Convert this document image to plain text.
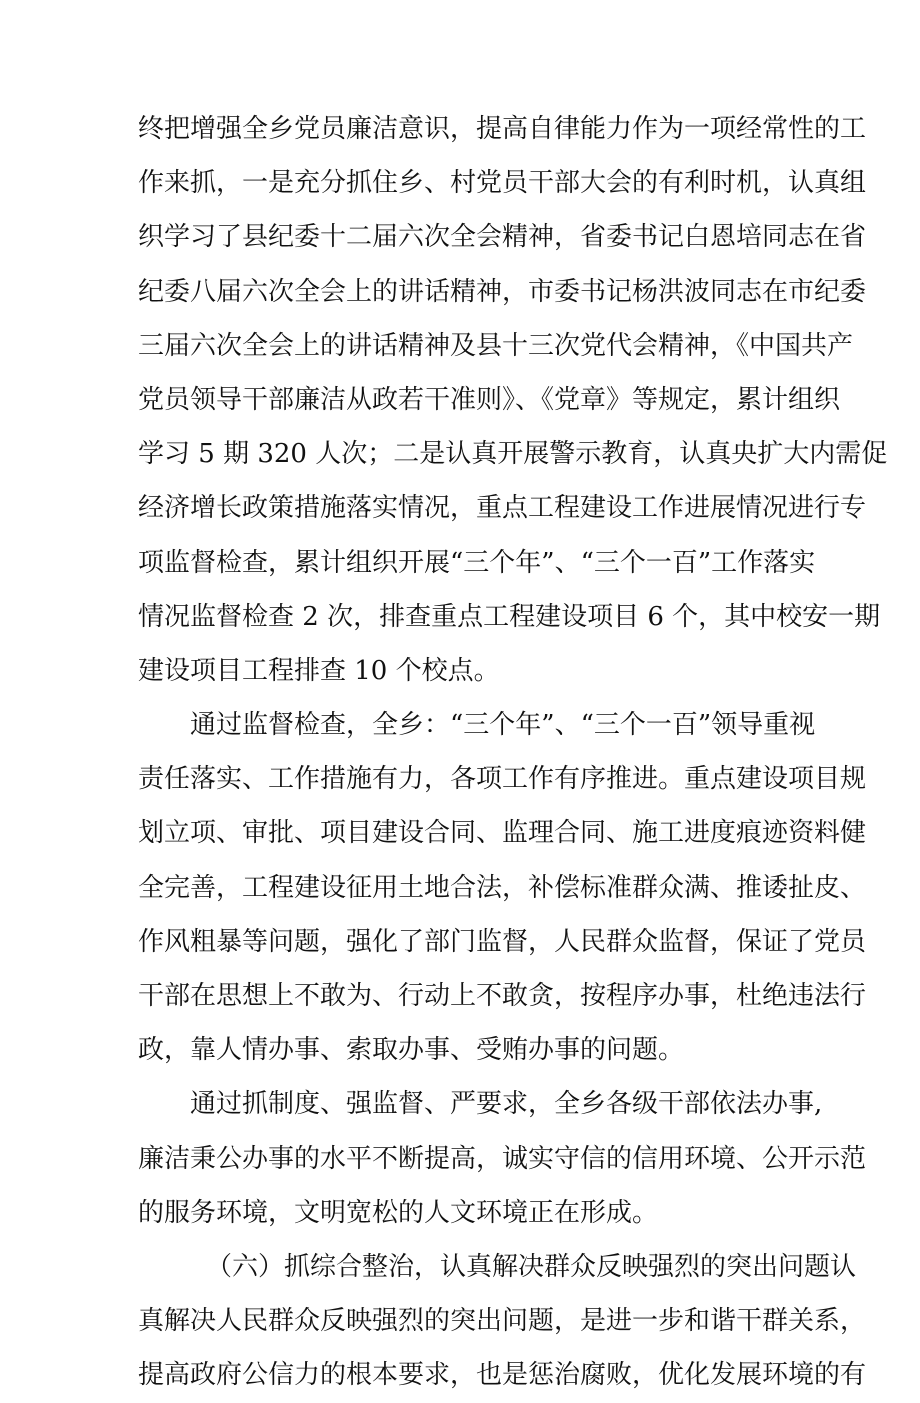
终把增强全乡党员廉洁意识，提高自律能力作为一项经常性的工
作来抓，一是充分抓住乡、村党员干部大会的有利时机，认真组
织学习了县纪委十二届六次全会精神，省委书记白恩培同志在省
纪委八届六次全会上的讲话精神，市委书记杨洪波同志在市纪委
三届六次全会上的讲话精神及县十三次党代会精神，《中国共产
党员领导干部廉洁从政若干准则》、《党章》等规定，累计组织
学习 5 期 320 人次；二是认真开展警示教育，认真央扩大内需促
经济增长政策措施落实情况，重点工程建设工作进展情况进行专
项监督检查，累计组织开展“三个年”、“三个一百”工作落实
情况监督检查 2 次，排查重点工程建设项目 6 个，其中校安一期
建设项目工程排查 10 个校点。
通过监督检查，全乡：“三个年”、“三个一百”领导重视
责任落实、工作措施有力，各项工作有序推进。重点建设项目规
划立项、审批、项目建设合同、监理合同、施工进度痕迹资料健
全完善，工程建设征用土地合法，补偿标准群众满、推诿扯皮、
作风粗暴等问题，强化了部门监督，人民群众监督，保证了党员
干部在思想上不敢为、行动上不敢贪，按程序办事，杜绝违法行
政，靠人情办事、索取办事、受贿办事的问题。
通过抓制度、强监督、严要求，全乡各级干部依法办事,
廉洁秉公办事的水平不断提高，诚实守信的信用环境、公开示范
的服务环境，文明宽松的人文环境正在形成。
（六）抓综合整治，认真解决群众反映强烈的突出问题认
真解决人民群众反映强烈的突出问题，是进一步和谐干群关系，
提高政府公信力的根本要求，也是惩治腐败，优化发展环境的有
